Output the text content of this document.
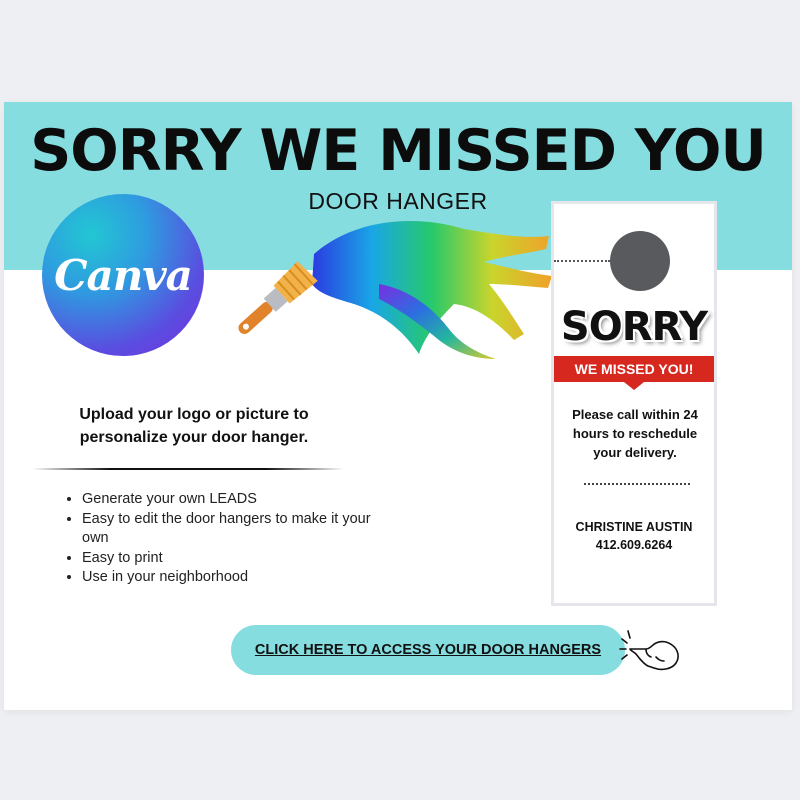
SORRY WE MISSED YOU
DOOR HANGER
Canva
Upload your logo or picture to personalize your door hanger.
• Generate your own LEADS
• Easy to edit the door hangers to make it your own
• Easy to print
• Use in your neighborhood
SORRY
WE MISSED YOU!
Please call within 24 hours to reschedule your delivery.
CHRISTINE AUSTIN
412.609.6264
CLICK HERE TO ACCESS YOUR DOOR HANGERS
